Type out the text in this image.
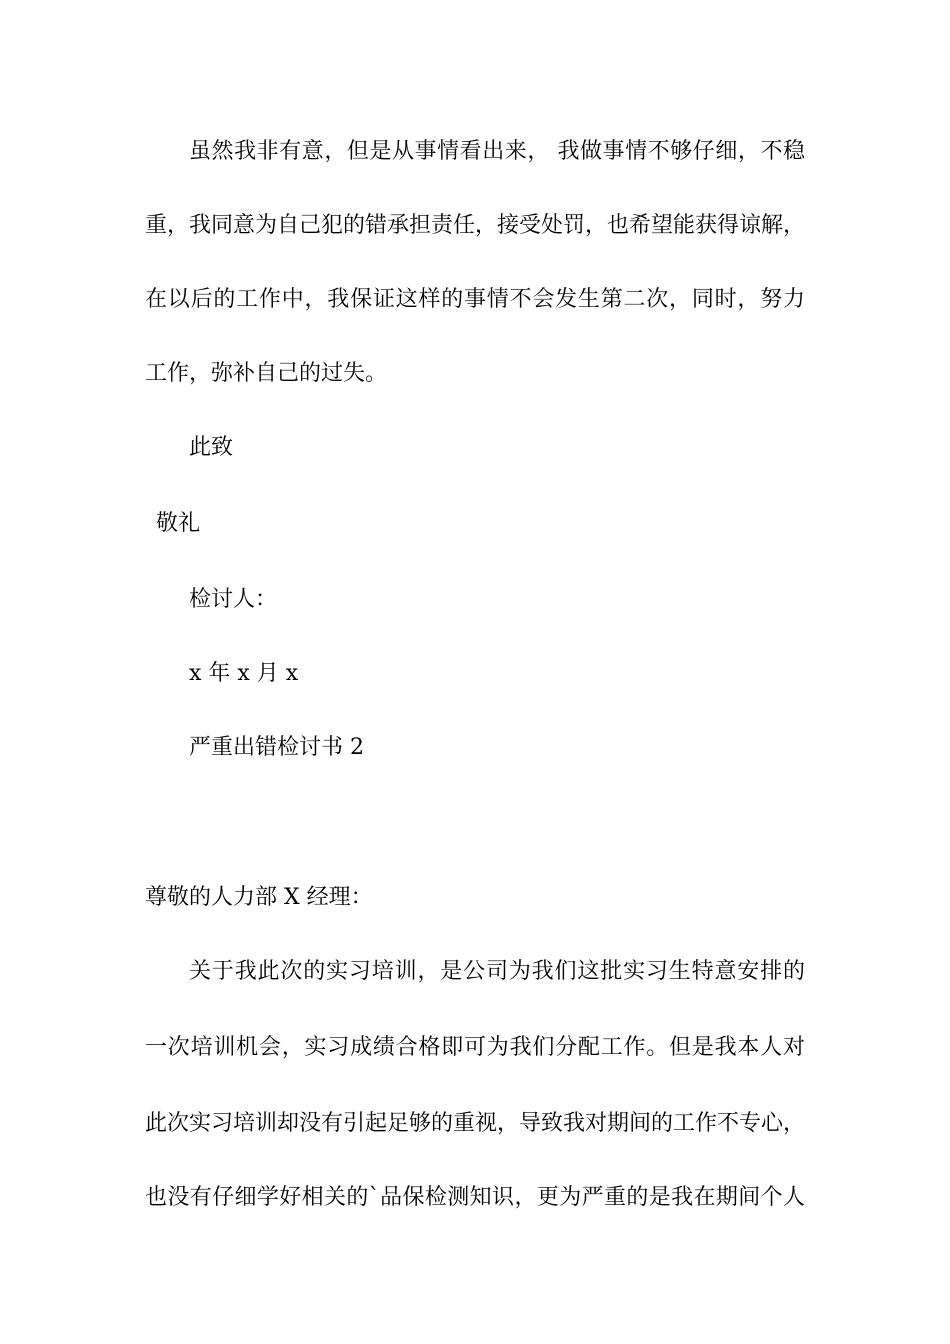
虽然我非有意，但是从事情看出来， 我做事情不够仔细，不稳
重，我同意为自己犯的错承担责任，接受处罚，也希望能获得谅解，
在以后的工作中，我保证这样的事情不会发生第二次，同时，努力
工作，弥补自己的过失。
此致
敬礼
检讨人：
x 年 x 月 x
严重出错检讨书 2
尊敬的人力部 X 经理：
关于我此次的实习培训，是公司为我们这批实习生特意安排的
一次培训机会，实习成绩合格即可为我们分配工作。但是我本人对
此次实习培训却没有引起足够的重视，导致我对期间的工作不专心，
也没有仔细学好相关的`品保检测知识，更为严重的是我在期间个人
